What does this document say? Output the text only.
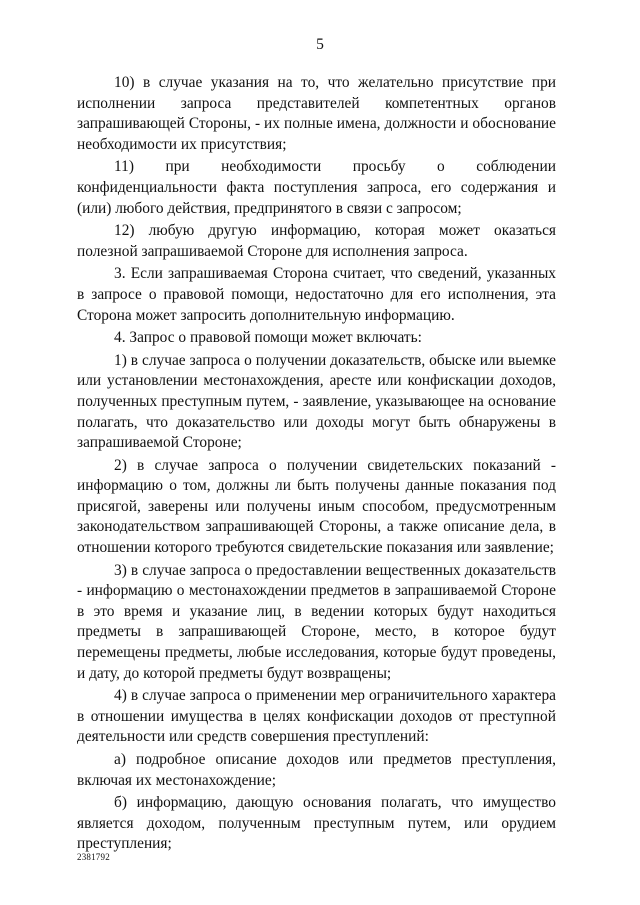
5

10) в случае указания на то, что желательно присутствие при исполнении запроса представителей компетентных органов запрашивающей Стороны, - их полные имена, должности и обоснование необходимости их присутствия;

11) при необходимости просьбу о соблюдении конфиденциальности факта поступления запроса, его содержания и (или) любого действия, предпринятого в связи с запросом;

12) любую другую информацию, которая может оказаться полезной запрашиваемой Стороне для исполнения запроса.

3. Если запрашиваемая Сторона считает, что сведений, указанных в запросе о правовой помощи, недостаточно для его исполнения, эта Сторона может запросить дополнительную информацию.

4. Запрос о правовой помощи может включать:

1) в случае запроса о получении доказательств, обыске или выемке или установлении местонахождения, аресте или конфискации доходов, полученных преступным путем, - заявление, указывающее на основание полагать, что доказательство или доходы могут быть обнаружены в запрашиваемой Стороне;

2) в случае запроса о получении свидетельских показаний - информацию о том, должны ли быть получены данные показания под присягой, заверены или получены иным способом, предусмотренным законодательством запрашивающей Стороны, а также описание дела, в отношении которого требуются свидетельские показания или заявление;

3) в случае запроса о предоставлении вещественных доказательств - информацию о местонахождении предметов в запрашиваемой Стороне в это время и указание лиц, в ведении которых будут находиться предметы в запрашивающей Стороне, место, в которое будут перемещены предметы, любые исследования, которые будут проведены, и дату, до которой предметы будут возвращены;

4) в случае запроса о применении мер ограничительного характера в отношении имущества в целях конфискации доходов от преступной деятельности или средств совершения преступлений:

а) подробное описание доходов или предметов преступления, включая их местонахождение;

б) информацию, дающую основания полагать, что имущество является доходом, полученным преступным путем, или орудием преступления;

2381792
